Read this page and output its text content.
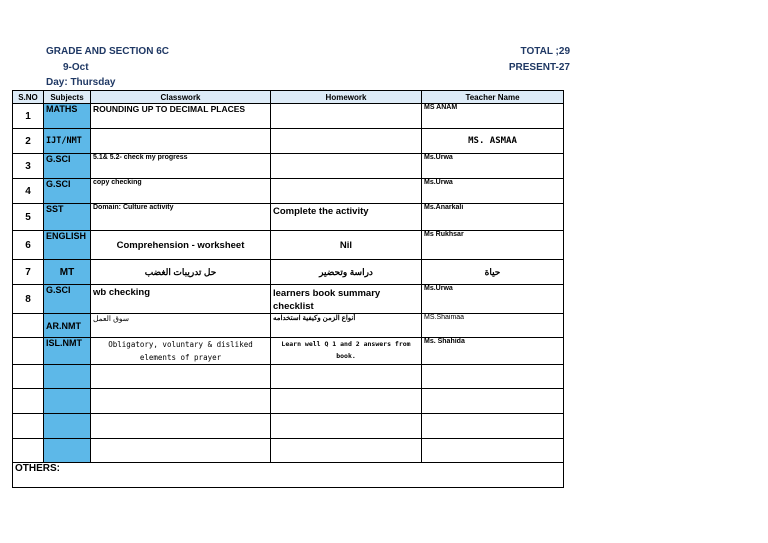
GRADE AND SECTION 6C
9-Oct
Day: Thursday
TOTAL ;29
PRESENT-27
S.NO	Subjects	Classwork	Homework	Teacher Name
1	MATHS	ROUNDING UP TO DECIMAL PLACES		MS ANAM
2	IJT/NMT			MS. ASMAA
3	G.SCI	5.1& 5.2- check my progress		Ms.Urwa
4	G.SCI	copy checking		Ms.Urwa
5	SST	Domain: Culture activity	Complete the activity	Ms.Anarkali
6	ENGLISH	Comprehension - worksheet	Nil	Ms Rukhsar
7	MT	حل تدريبات الغضب	دراسة وتحضير	حياة
8	G.SCI	wb checking	learners book summary checklist	Ms.Urwa
	AR.NMT	سوق العمل	أنواع الزمن وكيفية استخدامه	MS.Shaimaa
	ISL.NMT	Obligatory, voluntary & disliked elements of prayer	Learn well Q 1 and 2 answers from book.	Ms. Shahida

OTHERS:				
